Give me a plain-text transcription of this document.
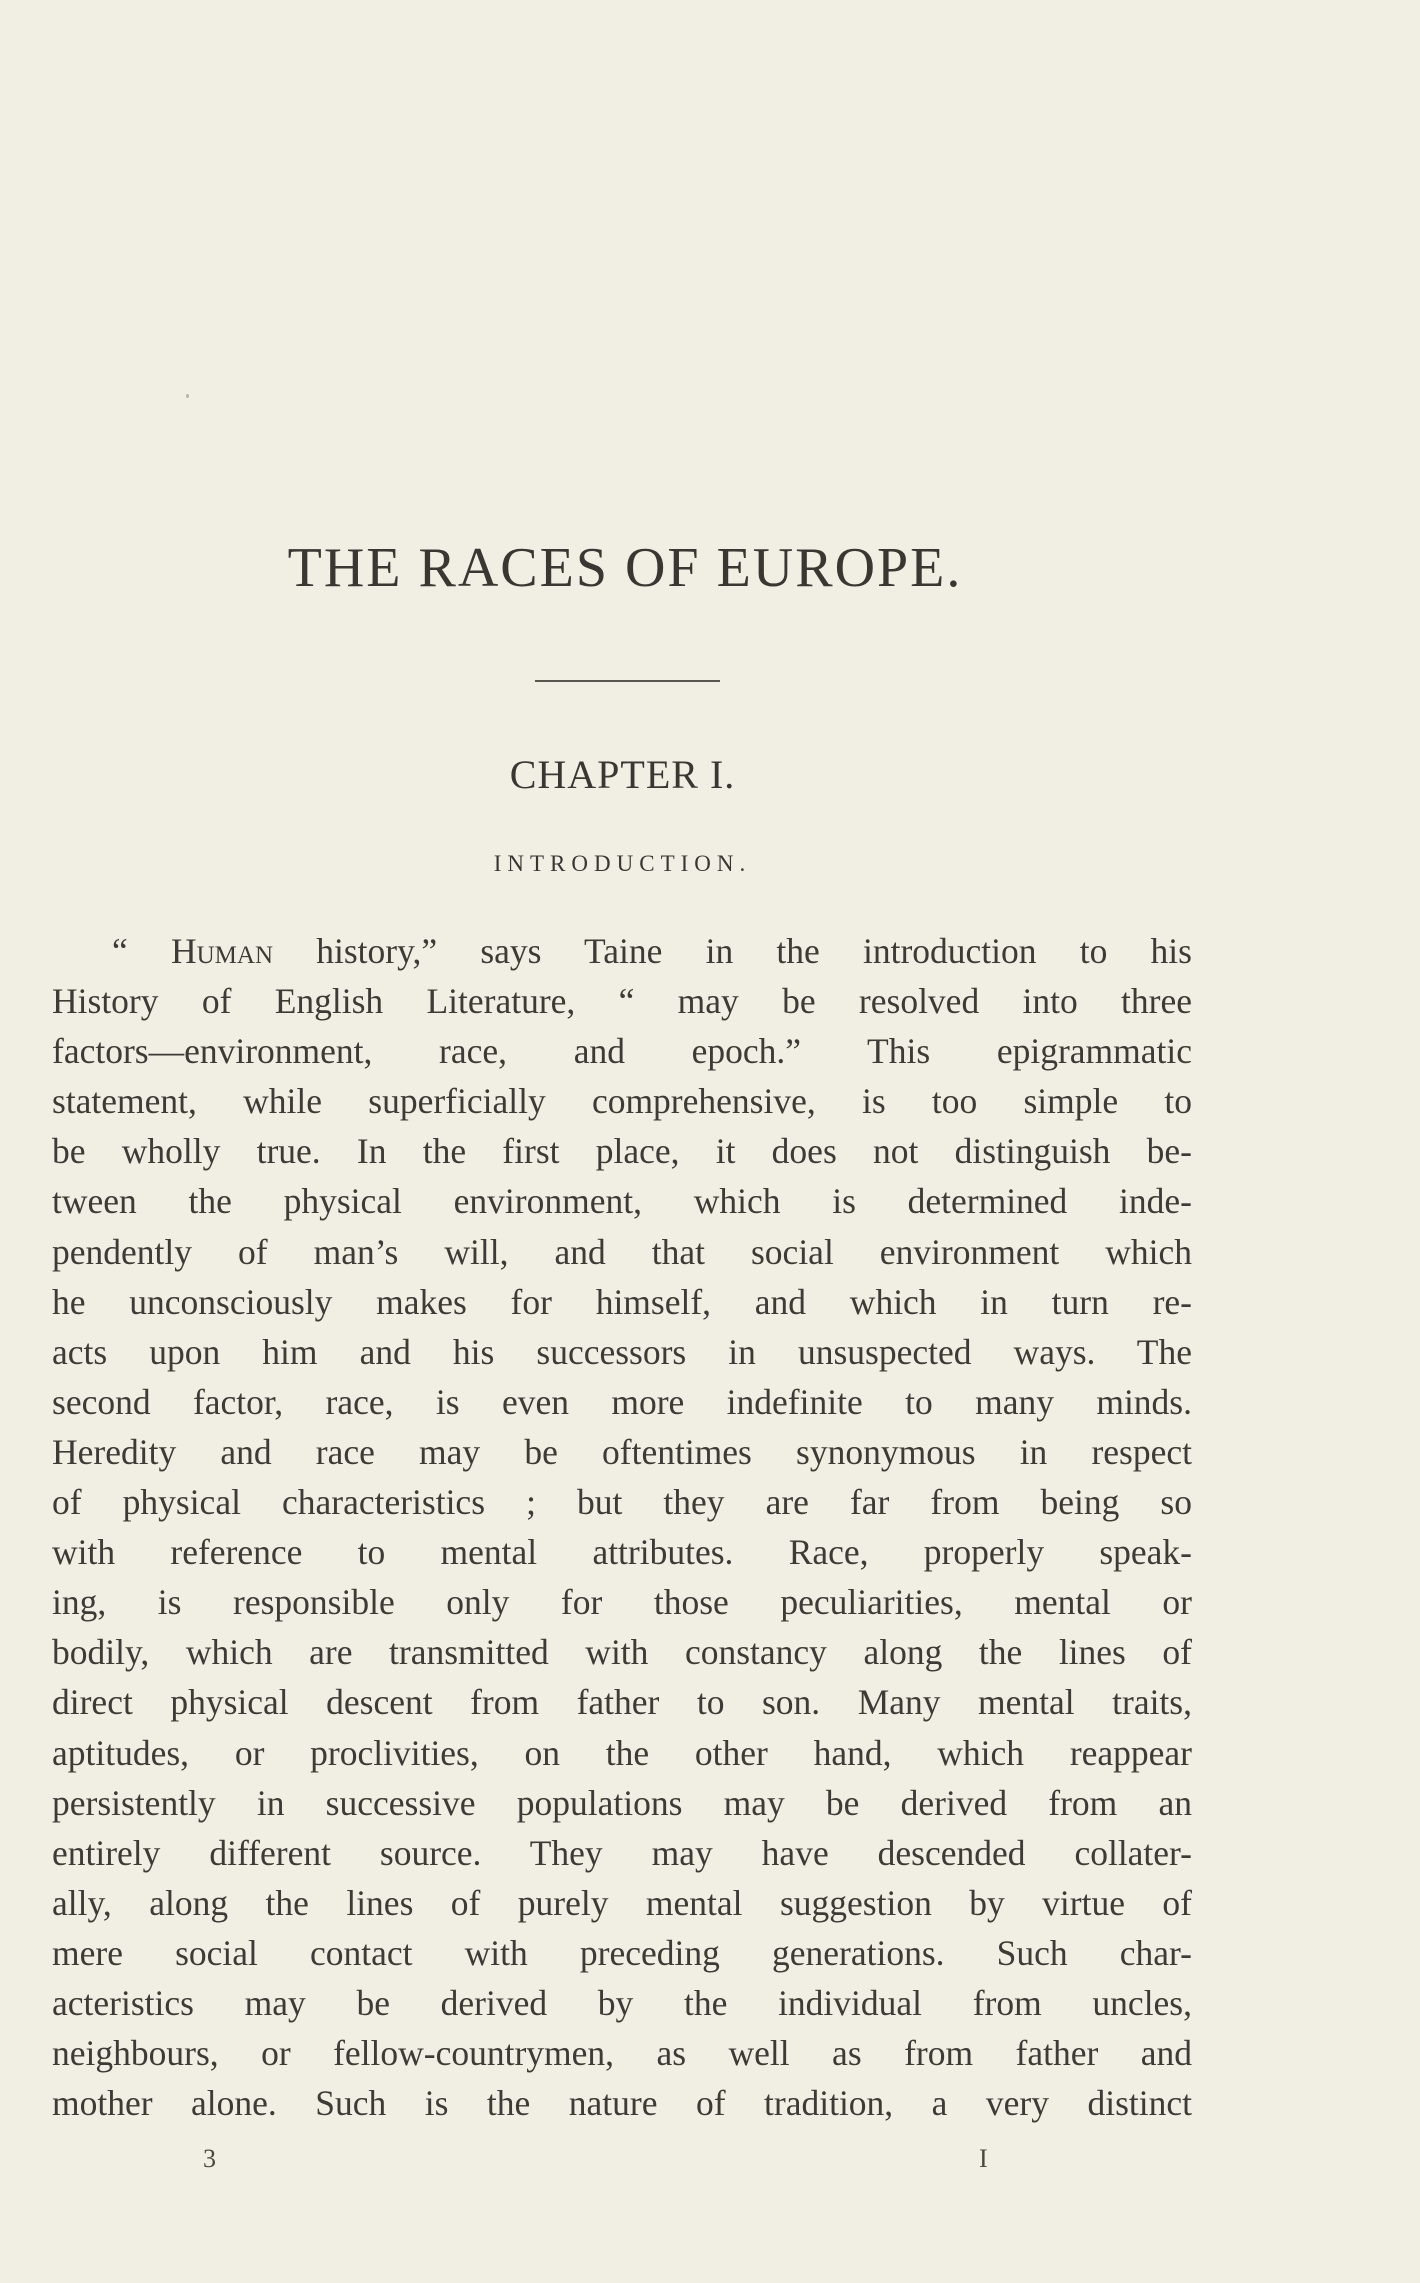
THE RACES OF EUROPE.
CHAPTER I.
INTRODUCTION.
“ Human history,” says Taine in the introduction to his
History of English Literature, “ may be resolved into three
factors—environment, race, and epoch.” This epigrammatic
statement, while superficially comprehensive, is too simple to
be wholly true. In the first place, it does not distinguish be-
tween the physical environment, which is determined inde-
pendently of man’s will, and that social environment which
he unconsciously makes for himself, and which in turn re-
acts upon him and his successors in unsuspected ways. The
second factor, race, is even more indefinite to many minds.
Heredity and race may be oftentimes synonymous in respect
of physical characteristics ; but they are far from being so
with reference to mental attributes. Race, properly speak-
ing, is responsible only for those peculiarities, mental or
bodily, which are transmitted with constancy along the lines of
direct physical descent from father to son. Many mental traits,
aptitudes, or proclivities, on the other hand, which reappear
persistently in successive populations may be derived from an
entirely different source. They may have descended collater-
ally, along the lines of purely mental suggestion by virtue of
mere social contact with preceding generations. Such char-
acteristics may be derived by the individual from uncles,
neighbours, or fellow-countrymen, as well as from father and
mother alone. Such is the nature of tradition, a very distinct
3	I
